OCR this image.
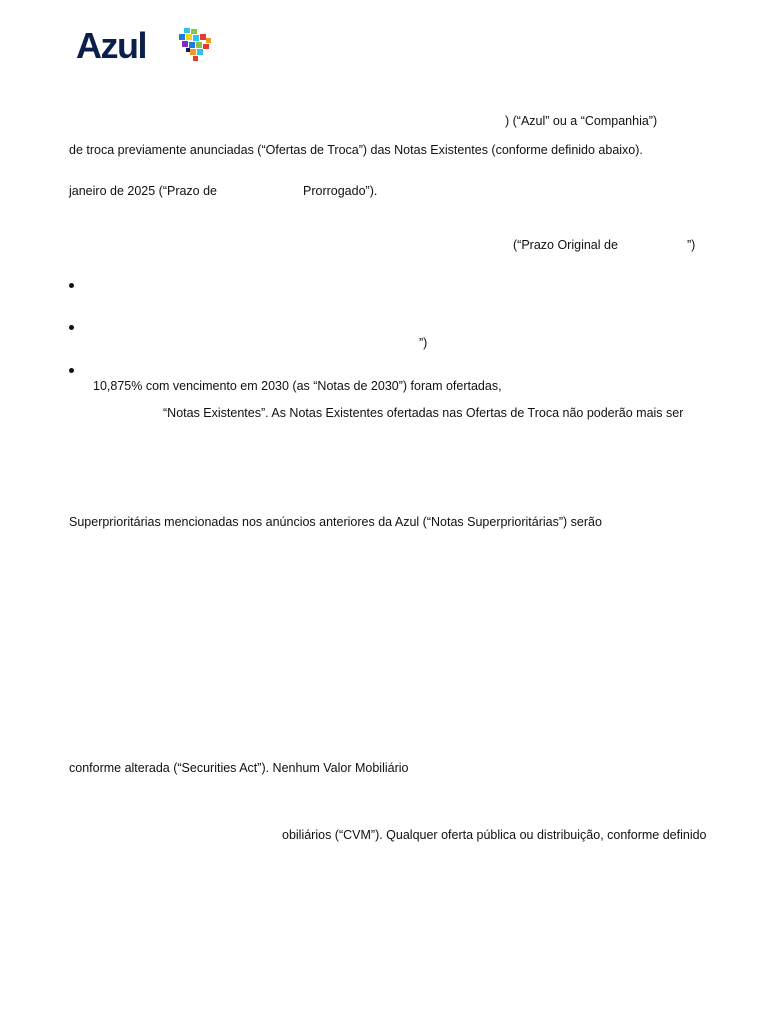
Azul
) (“Azul” ou a “Companhia”)
de troca previamente anunciadas (“Ofertas de Troca”) das Notas Existentes (conforme definido abaixo).
janeiro de 2025 (“Prazo de	Prorrogado”).
(“Prazo Original de	”)
”)
10,875% com vencimento em 2030 (as “Notas de 2030”) foram ofertadas,
“Notas Existentes”. As Notas Existentes ofertadas nas Ofertas de Troca não poderão mais ser
Superprioritárias mencionadas nos anúncios anteriores da Azul (“Notas Superprioritárias”) serão
conforme alterada (“Securities Act”). Nenhum Valor Mobiliário
obiliários (“CVM”). Qualquer oferta pública ou distribuição, conforme definido
